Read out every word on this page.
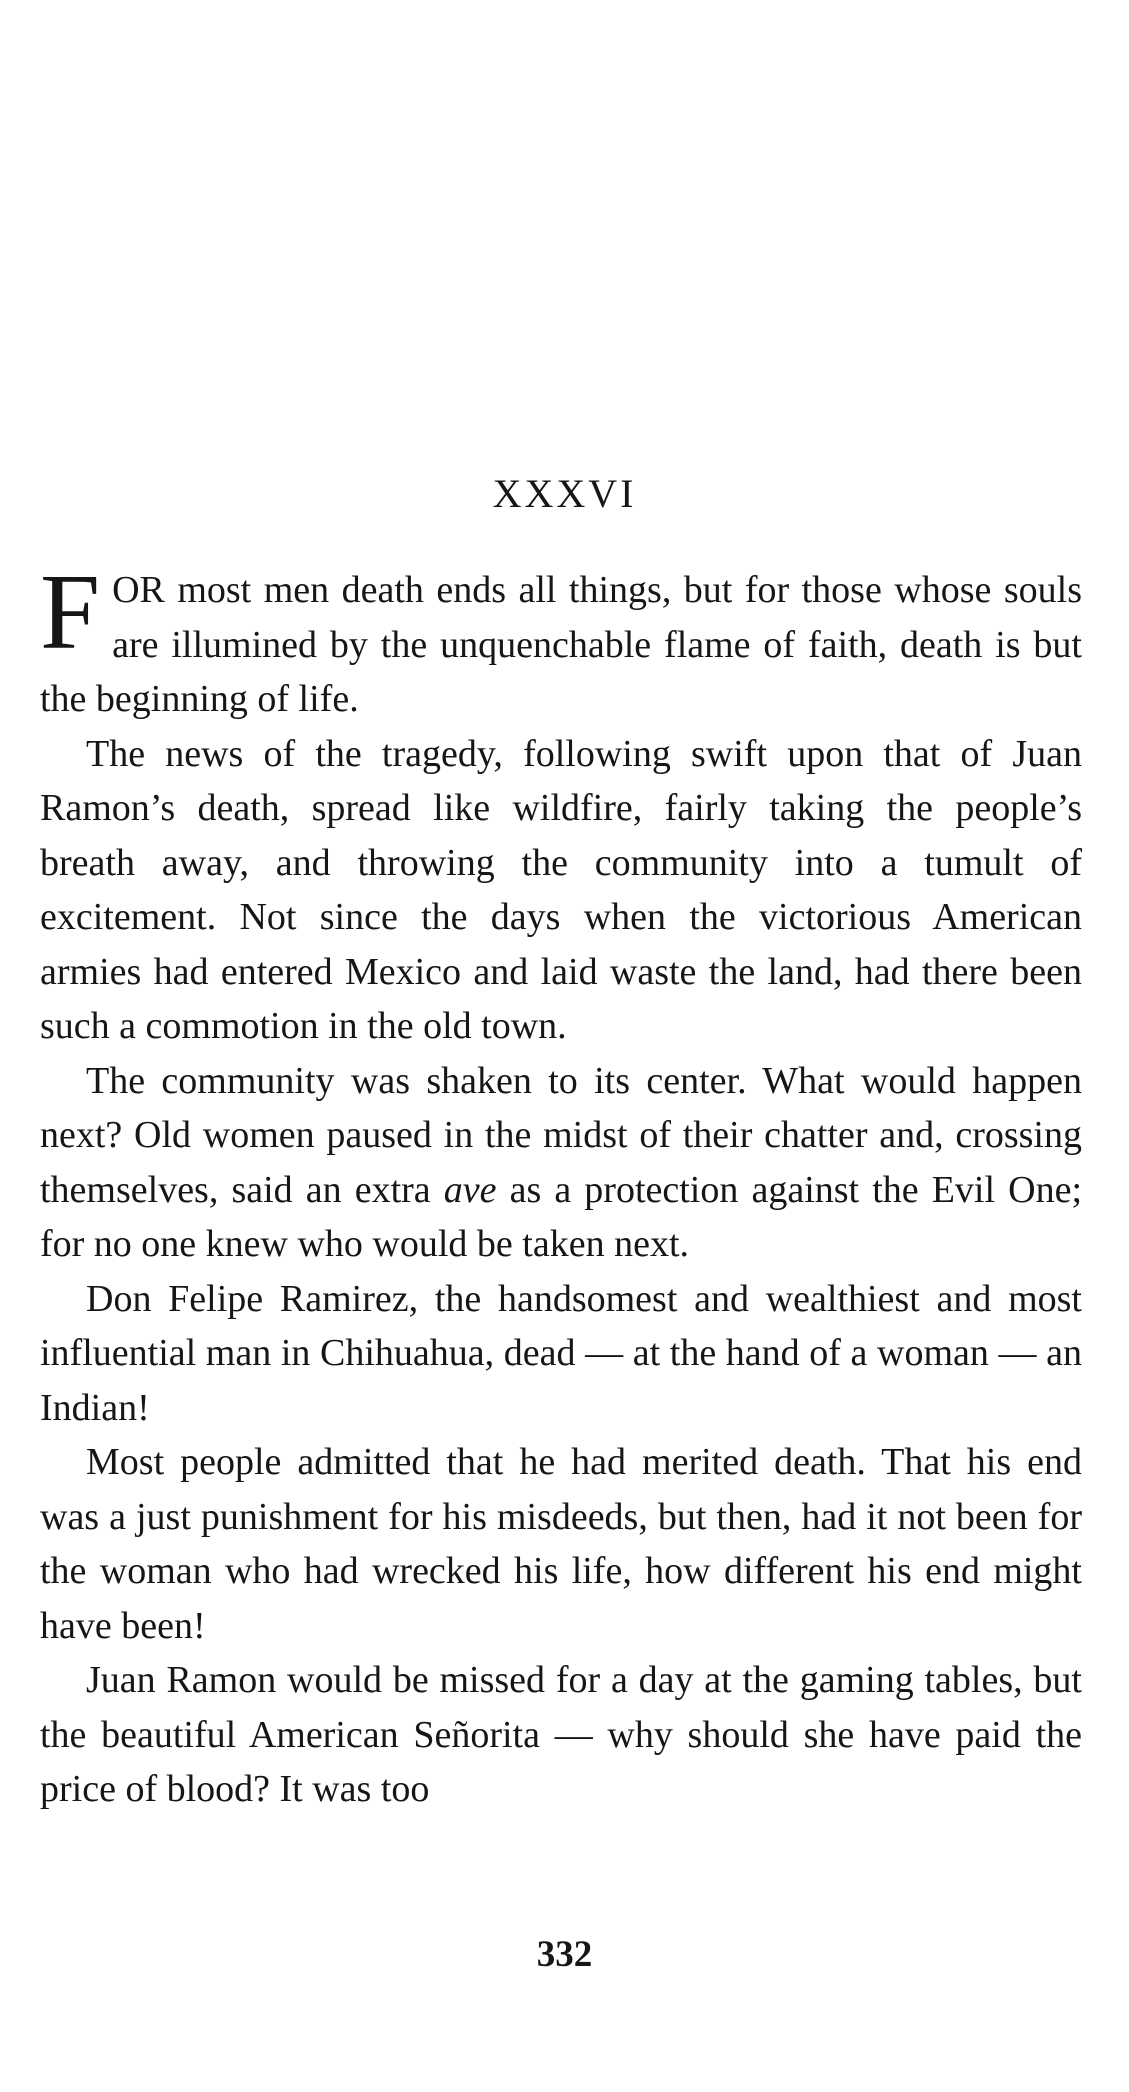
XXXVI

FOR most men death ends all things, but for those whose souls are illumined by the unquenchable flame of faith, death is but the beginning of life.

The news of the tragedy, following swift upon that of Juan Ramon’s death, spread like wildfire, fairly taking the people’s breath away, and throwing the community into a tumult of excitement. Not since the days when the victorious American armies had entered Mexico and laid waste the land, had there been such a commotion in the old town.

The community was shaken to its center. What would happen next? Old women paused in the midst of their chatter and, crossing themselves, said an extra ave as a protection against the Evil One; for no one knew who would be taken next.

Don Felipe Ramirez, the handsomest and wealthiest and most influential man in Chihuahua, dead — at the hand of a woman — an Indian!

Most people admitted that he had merited death. That his end was a just punishment for his misdeeds, but then, had it not been for the woman who had wrecked his life, how different his end might have been!

Juan Ramon would be missed for a day at the gaming tables, but the beautiful American Señorita — why should she have paid the price of blood? It was too

332
